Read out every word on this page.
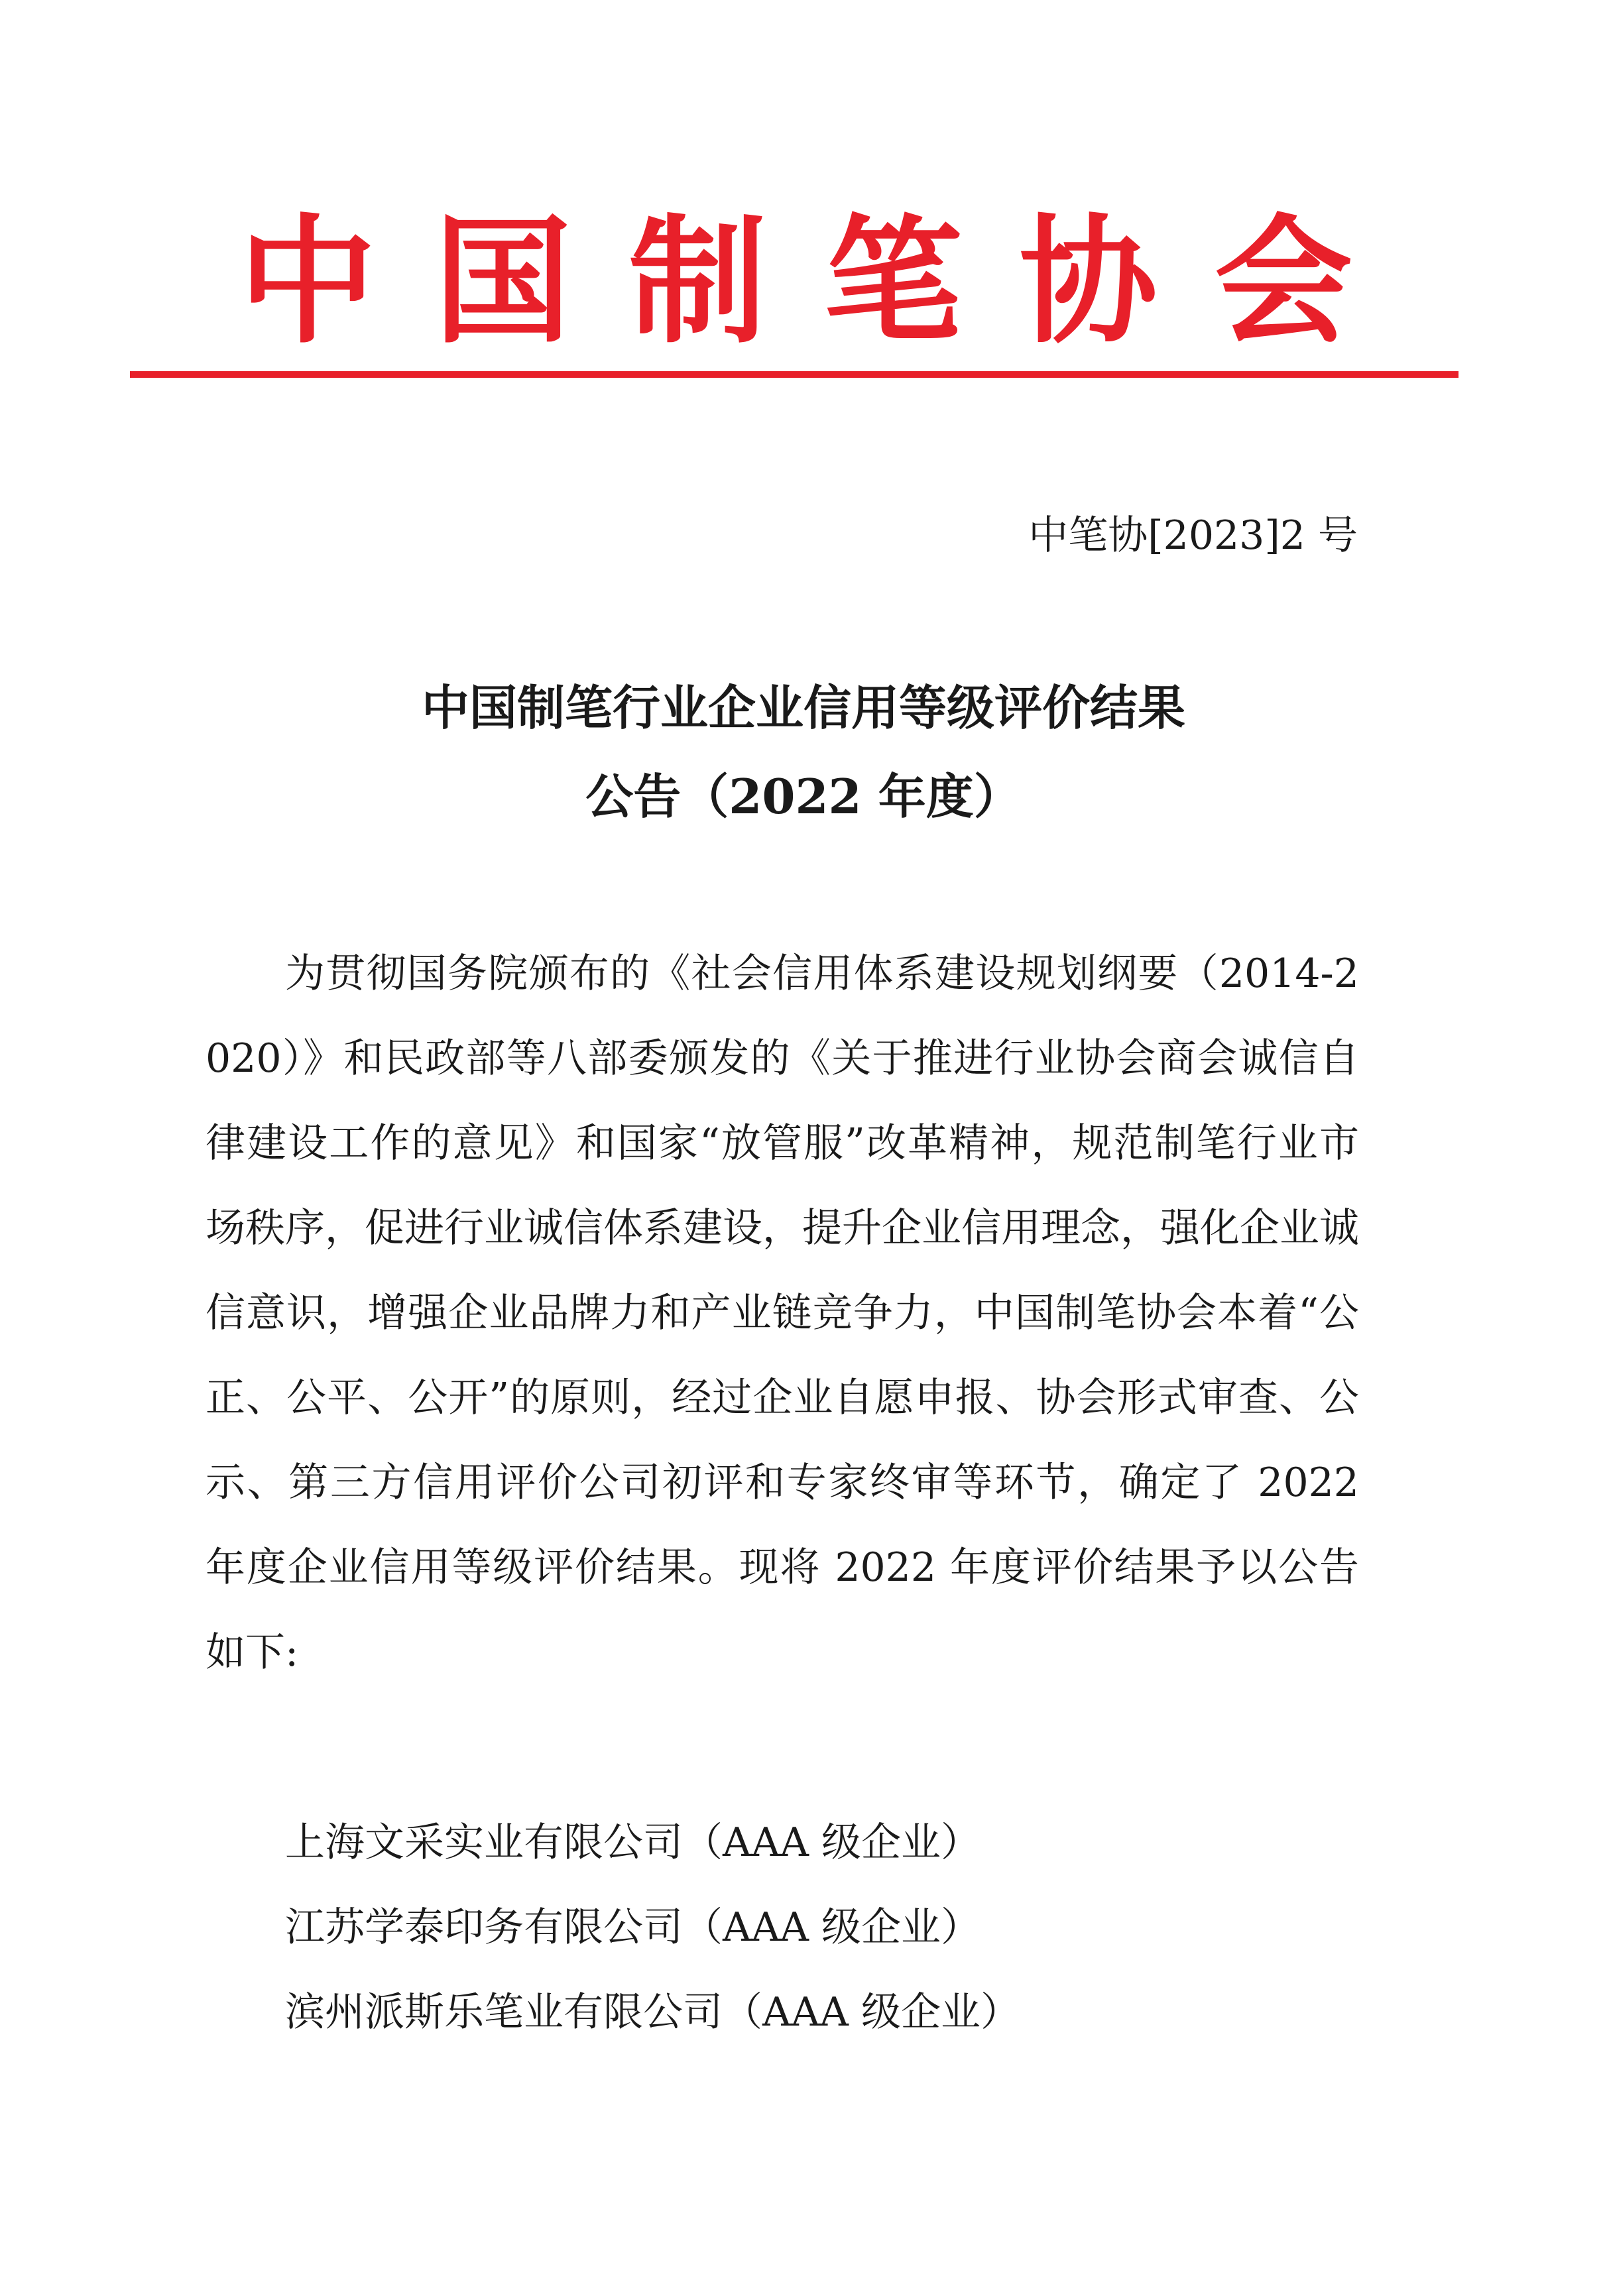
中 国 制 笔 协 会
中笔协[2023]2 号
中国制笔行业企业信用等级评价结果
公告（2022 年度）

为贯彻国务院颁布的《社会信用体系建设规划纲要（2014-2020）》和民政部等八部委颁发的《关于推进行业协会商会诚信自律建设工作的意见》和国家“放管服”改革精神，规范制笔行业市场秩序，促进行业诚信体系建设，提升企业信用理念，强化企业诚信意识，增强企业品牌力和产业链竞争力，中国制笔协会本着“公正、公平、公开”的原则，经过企业自愿申报、协会形式审查、公示、第三方信用评价公司初评和专家终审等环节，确定了 2022 年度企业信用等级评价结果。现将 2022 年度评价结果予以公告如下:

上海文采实业有限公司（AAA 级企业）
江苏学泰印务有限公司（AAA 级企业）
滨州派斯乐笔业有限公司（AAA 级企业）
